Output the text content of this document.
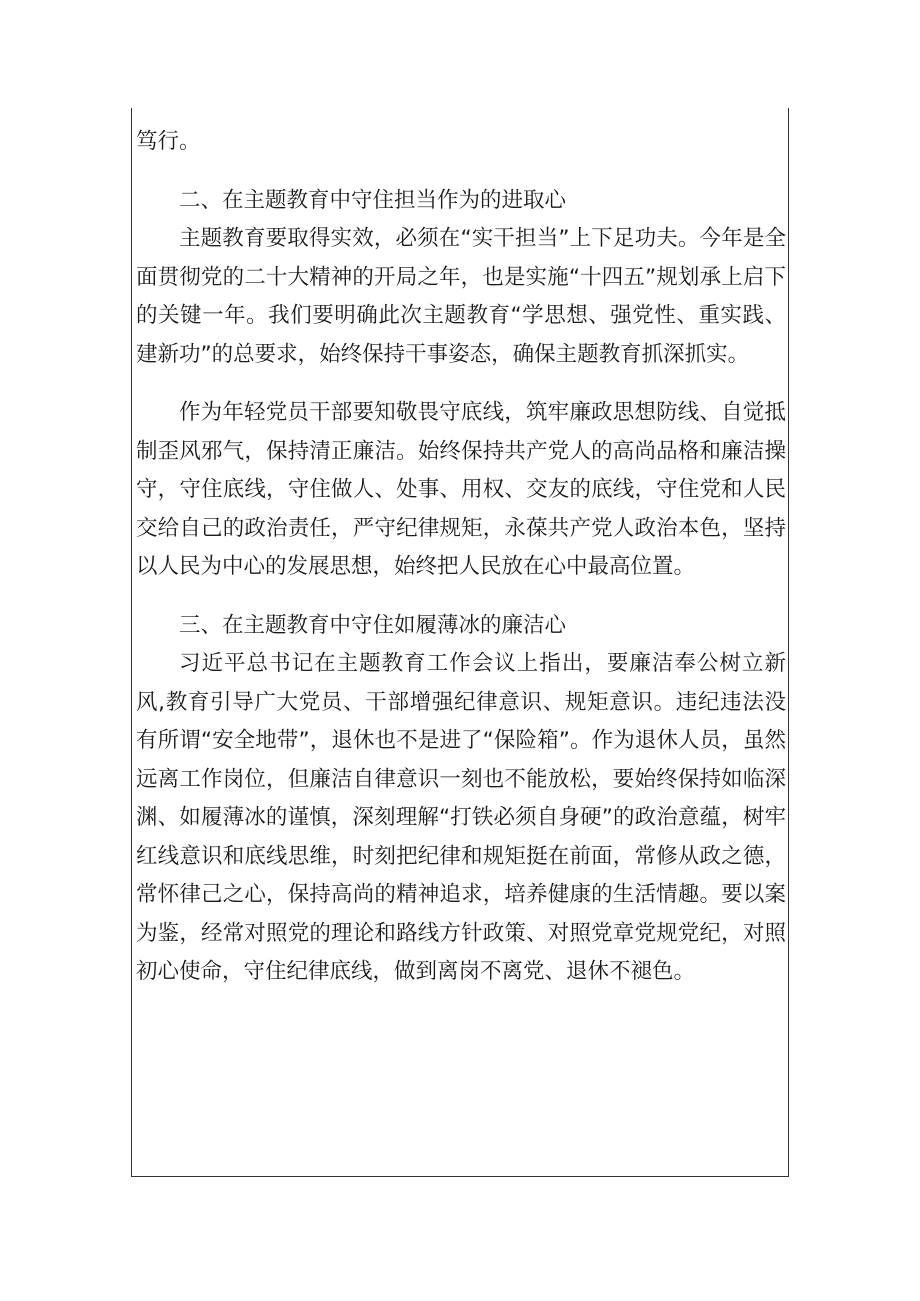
笃行。

二、在主题教育中守住担当作为的进取心

主题教育要取得实效，必须在“实干担当”上下足功夫。今年是全面贯彻党的二十大精神的开局之年，也是实施“十四五”规划承上启下的关键一年。我们要明确此次主题教育“学思想、强党性、重实践、建新功”的总要求，始终保持干事姿态，确保主题教育抓深抓实。

作为年轻党员干部要知敬畏守底线，筑牢廉政思想防线、自觉抵制歪风邪气，保持清正廉洁。始终保持共产党人的高尚品格和廉洁操守，守住底线，守住做人、处事、用权、交友的底线，守住党和人民交给自己的政治责任，严守纪律规矩，永葆共产党人政治本色，坚持以人民为中心的发展思想，始终把人民放在心中最高位置。

三、在主题教育中守住如履薄冰的廉洁心

习近平总书记在主题教育工作会议上指出，要廉洁奉公树立新风,教育引导广大党员、干部增强纪律意识、规矩意识。违纪违法没有所谓“安全地带”，退休也不是进了“保险箱”。作为退休人员，虽然远离工作岗位，但廉洁自律意识一刻也不能放松，要始终保持如临深渊、如履薄冰的谨慎，深刻理解“打铁必须自身硬”的政治意蕴，树牢红线意识和底线思维，时刻把纪律和规矩挺在前面，常修从政之德，常怀律己之心，保持高尚的精神追求，培养健康的生活情趣。要以案为鉴，经常对照党的理论和路线方针政策、对照党章党规党纪，对照初心使命，守住纪律底线，做到离岗不离党、退休不褪色。
